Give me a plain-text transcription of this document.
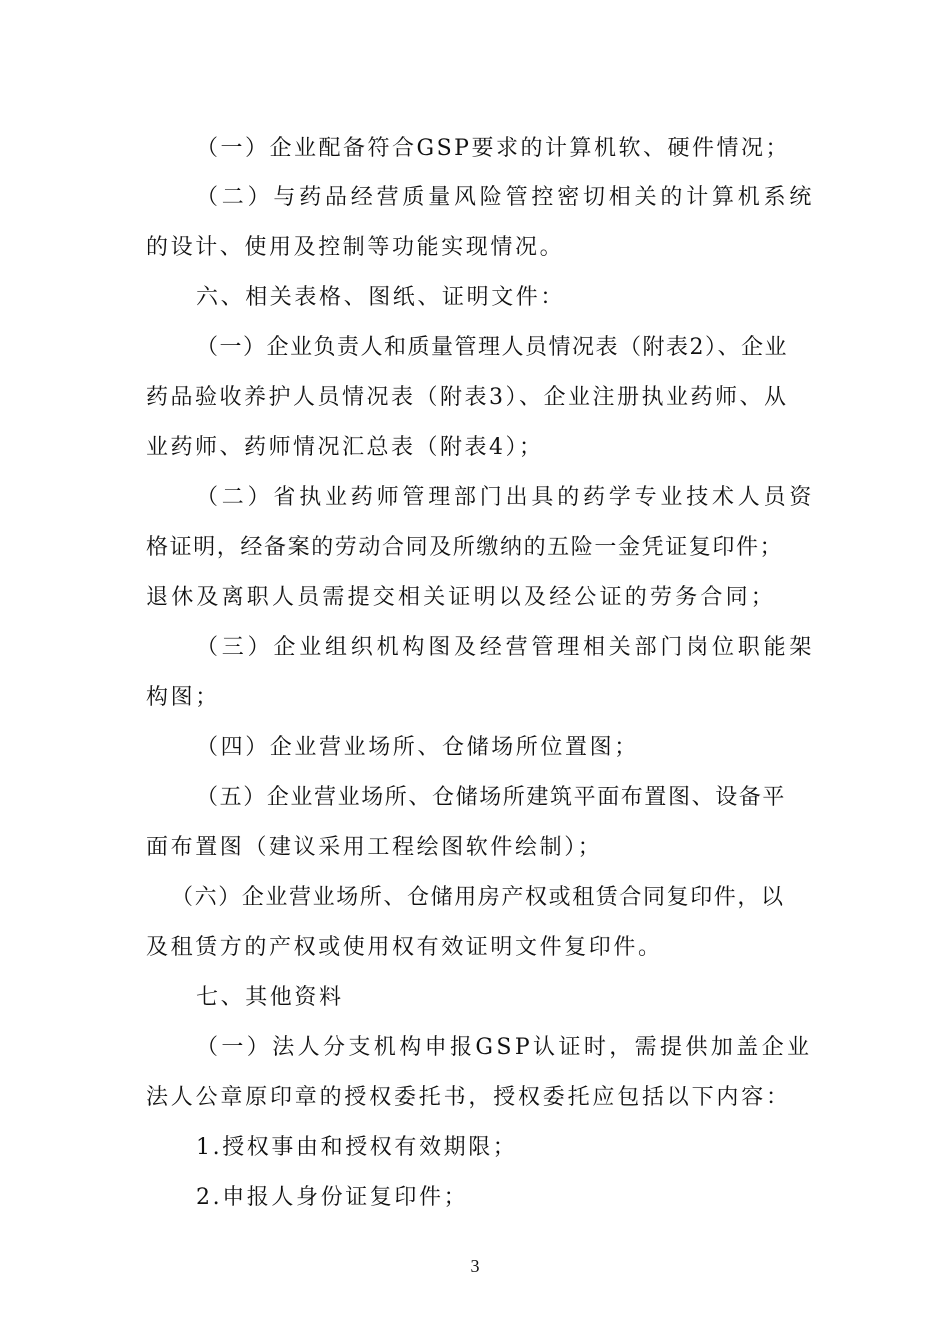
（一）企业配备符合GSP要求的计算机软、硬件情况；
（二）与药品经营质量风险管控密切相关的计算机系统
的设计、使用及控制等功能实现情况。
六、相关表格、图纸、证明文件：
（一）企业负责人和质量管理人员情况表（附表2）、企业
药品验收养护人员情况表（附表3）、企业注册执业药师、从
业药师、药师情况汇总表（附表4）；
（二）省执业药师管理部门出具的药学专业技术人员资
格证明，经备案的劳动合同及所缴纳的五险一金凭证复印件；
退休及离职人员需提交相关证明以及经公证的劳务合同；
（三）企业组织机构图及经营管理相关部门岗位职能架
构图；
（四）企业营业场所、仓储场所位置图；
（五）企业营业场所、仓储场所建筑平面布置图、设备平
面布置图（建议采用工程绘图软件绘制）；
（六）企业营业场所、仓储用房产权或租赁合同复印件，以
及租赁方的产权或使用权有效证明文件复印件。
七、其他资料
（一）法人分支机构申报GSP认证时，需提供加盖企业
法人公章原印章的授权委托书，授权委托应包括以下内容：
1.授权事由和授权有效期限；
2.申报人身份证复印件；
3
